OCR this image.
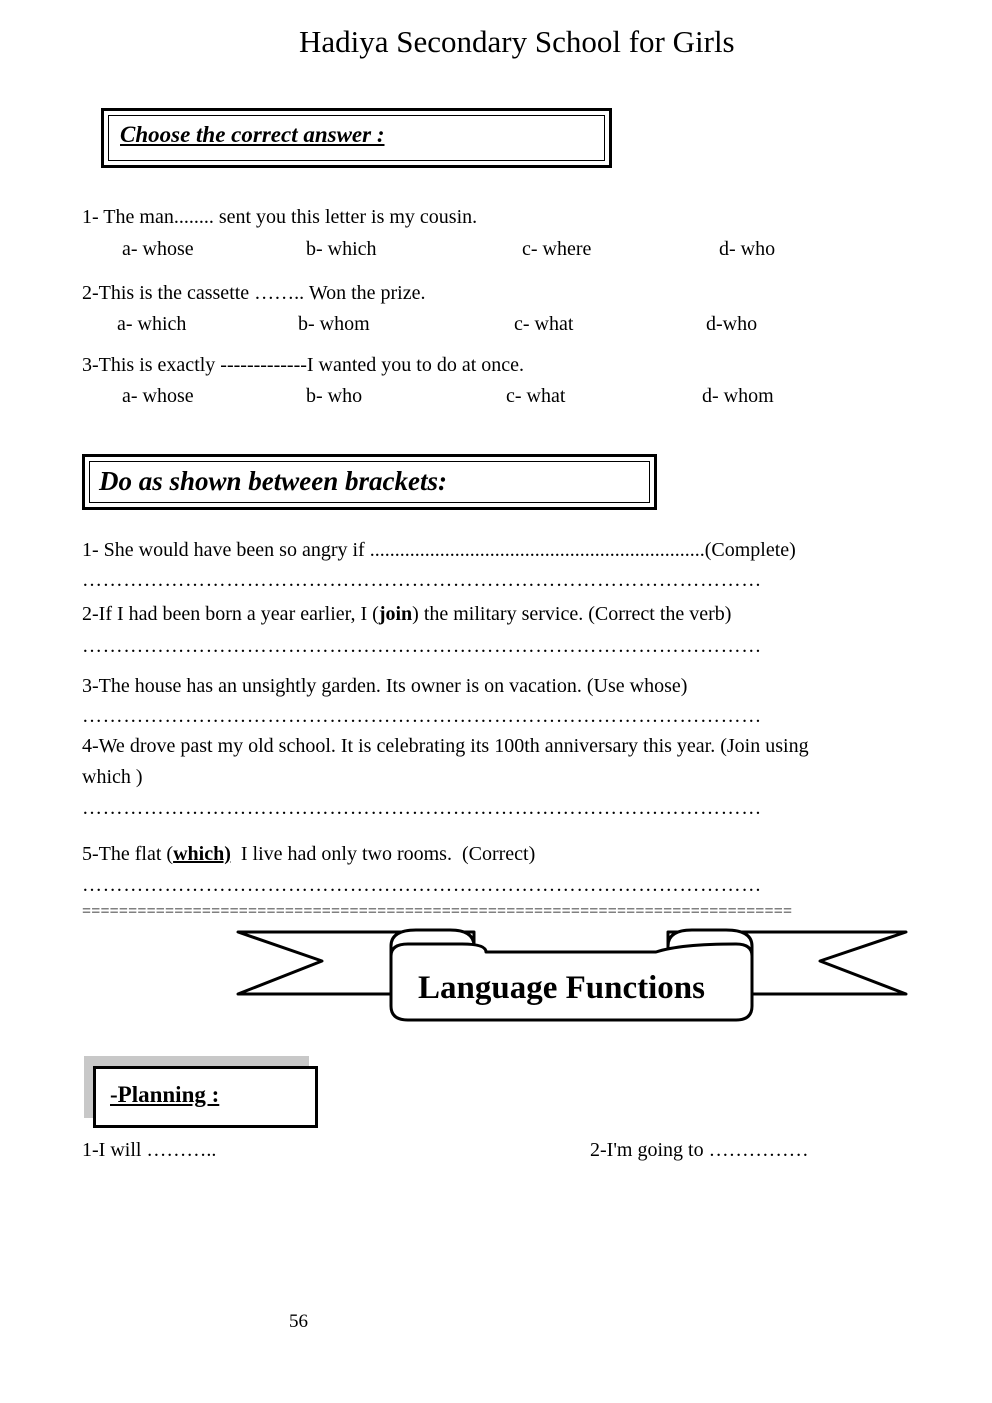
Hadiya Secondary School for Girls
Choose the correct answer :
1- The man........ sent you this letter is my cousin.
a- whose	b- which	c- where	d- who
2-This is the cassette …….. Won the prize.
a- which	b- whom	c- what	d-who
3-This is exactly -------------I wanted you to do at once.
a- whose	b- who	c- what	d- whom
Do as shown between brackets:
1- She would have been so angry if ...................................................................(Complete)
………………………………………………………………………………………
2-If I had been born a year earlier, I (join) the military service. (Correct the verb)
………………………………………………………………………………………
3-The house has an unsightly garden. Its owner is on vacation. (Use whose)
………………………………………………………………………………………
4-We drove past my old school. It is celebrating its 100th anniversary this year. (Join using
which )
………………………………………………………………………………………
5-The flat (which)  I live had only two rooms.  (Correct)
………………………………………………………………………………………
=============================================================================
Language Functions
-Planning :
1-I will ………..	2-I'm going to ……………
56
